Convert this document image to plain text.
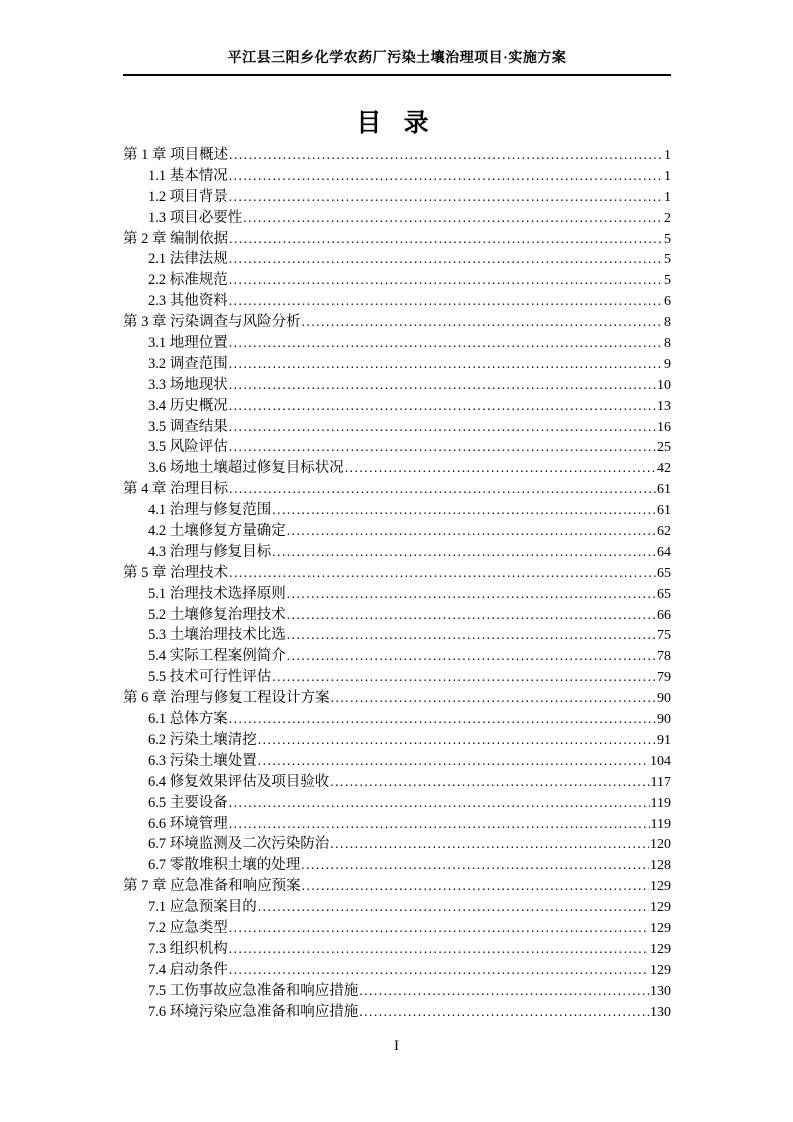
平江县三阳乡化学农药厂污染土壤治理项目·实施方案
目 录
第 1 章 项目概述 .....	1
1.1 基本情况 .....	1
1.2 项目背景 .....	1
1.3 项目必要性 .....	2
第 2 章 编制依据 .....	5
2.1 法律法规 .....	5
2.2 标准规范 .....	5
2.3 其他资料 .....	6
第 3 章 污染调查与风险分析 .....	8
3.1 地理位置 .....	8
3.2 调查范围 .....	9
3.3 场地现状 .....	10
3.4 历史概况 .....	13
3.5 调查结果 .....	16
3.5 风险评估 .....	25
3.6 场地土壤超过修复目标状况 .....	42
第 4 章 治理目标 .....	61
4.1 治理与修复范围 .....	61
4.2 土壤修复方量确定 .....	62
4.3 治理与修复目标 .....	64
第 5 章 治理技术 .....	65
5.1 治理技术选择原则 .....	65
5.2 土壤修复治理技术 .....	66
5.3 土壤治理技术比选 .....	75
5.4 实际工程案例简介 .....	78
5.5 技术可行性评估 .....	79
第 6 章 治理与修复工程设计方案 .....	90
6.1 总体方案 .....	90
6.2 污染土壤清挖 .....	91
6.3 污染土壤处置 .....	104
6.4 修复效果评估及项目验收 .....	117
6.5 主要设备 .....	119
6.6 环境管理 .....	119
6.7 环境监测及二次污染防治 .....	120
6.7 零散堆积土壤的处理 .....	128
第 7 章 应急准备和响应预案 .....	129
7.1 应急预案目的 .....	129
7.2 应急类型 .....	129
7.3 组织机构 .....	129
7.4 启动条件 .....	129
7.5 工伤事故应急准备和响应措施 .....	130
7.6 环境污染应急准备和响应措施 .....	130
I
